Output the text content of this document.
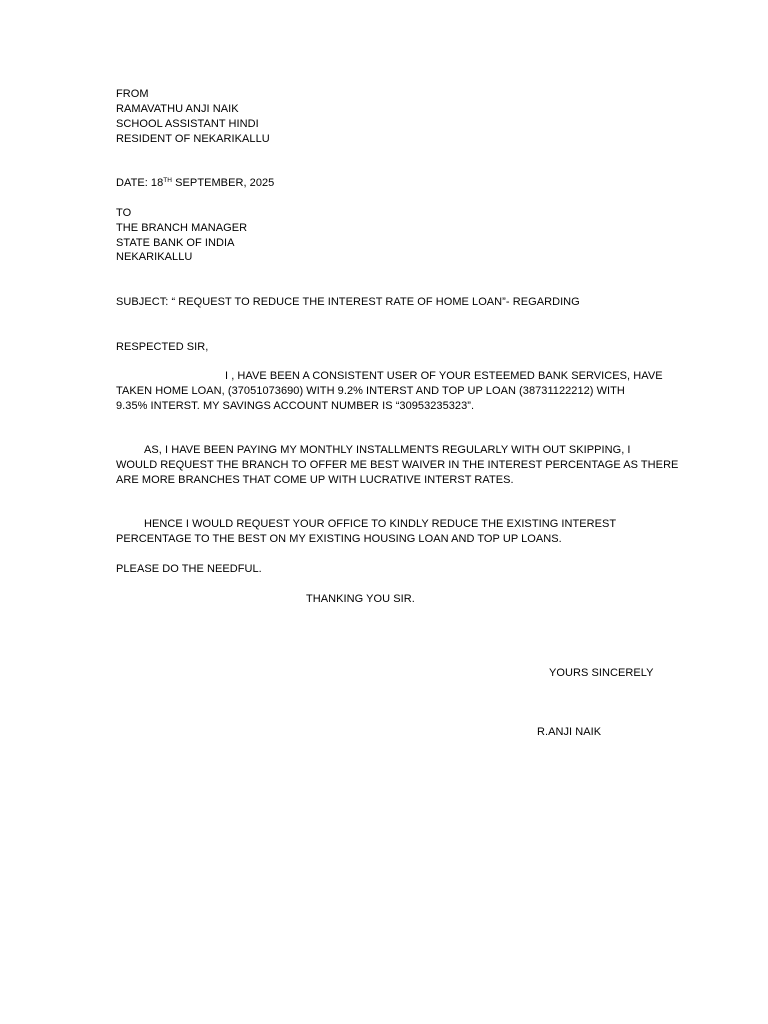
FROM
RAMAVATHU ANJI NAIK
SCHOOL ASSISTANT HINDI
RESIDENT OF NEKARIKALLU
DATE: 18TH SEPTEMBER, 2025
TO
THE BRANCH MANAGER
STATE BANK OF INDIA
NEKARIKALLU
SUBJECT: “ REQUEST TO REDUCE THE INTEREST RATE OF HOME LOAN”- REGARDING
RESPECTED SIR,
I , HAVE BEEN A CONSISTENT USER OF YOUR ESTEEMED BANK SERVICES, HAVE
TAKEN HOME LOAN, (37051073690) WITH 9.2% INTERST AND TOP UP LOAN (38731122212) WITH
9.35% INTERST. MY SAVINGS ACCOUNT NUMBER IS “30953235323”.
AS, I HAVE BEEN PAYING MY MONTHLY INSTALLMENTS REGULARLY WITH OUT SKIPPING, I
WOULD REQUEST THE BRANCH TO OFFER ME BEST WAIVER IN THE INTEREST PERCENTAGE AS THERE
ARE MORE BRANCHES THAT COME UP WITH LUCRATIVE INTERST RATES.
HENCE I WOULD REQUEST YOUR OFFICE TO KINDLY REDUCE THE EXISTING INTEREST
PERCENTAGE TO THE BEST ON MY EXISTING HOUSING LOAN AND TOP UP LOANS.
PLEASE DO THE NEEDFUL.
THANKING YOU SIR.
YOURS SINCERELY
R.ANJI NAIK
